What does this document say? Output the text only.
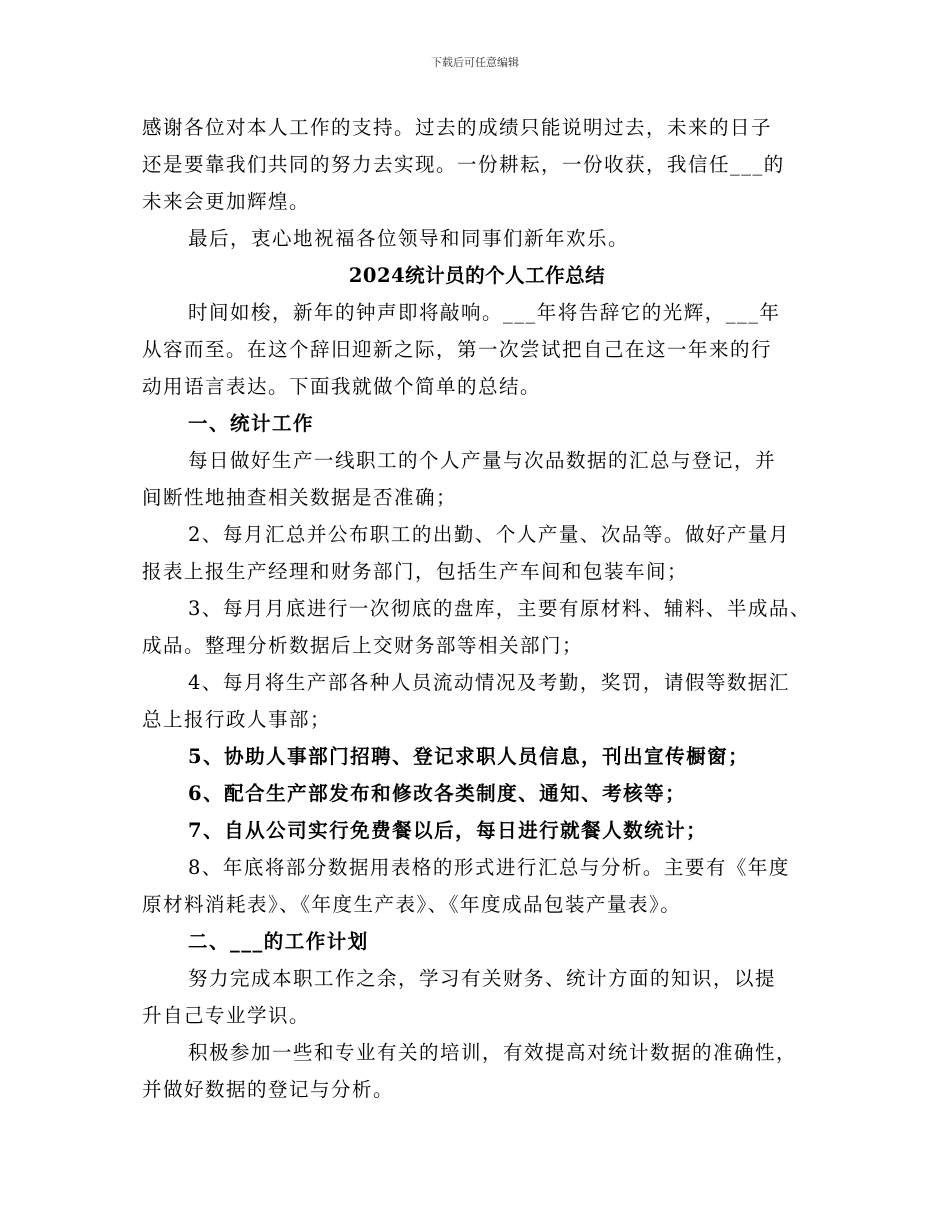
下载后可任意编辑
感谢各位对本人工作的支持。过去的成绩只能说明过去，未来的日子
还是要靠我们共同的努力去实现。一份耕耘，一份收获，我信任___的
未来会更加辉煌。
最后，衷心地祝福各位领导和同事们新年欢乐。
2024统计员的个人工作总结
时间如梭，新年的钟声即将敲响。___年将告辞它的光辉，___年
从容而至。在这个辞旧迎新之际，第一次尝试把自己在这一年来的行
动用语言表达。下面我就做个简单的总结。
一、统计工作
每日做好生产一线职工的个人产量与次品数据的汇总与登记，并
间断性地抽查相关数据是否准确；
2、每月汇总并公布职工的出勤、个人产量、次品等。做好产量月
报表上报生产经理和财务部门，包括生产车间和包装车间；
3、每月月底进行一次彻底的盘库，主要有原材料、辅料、半成品、
成品。整理分析数据后上交财务部等相关部门；
4、每月将生产部各种人员流动情况及考勤，奖罚，请假等数据汇
总上报行政人事部；
5、协助人事部门招聘、登记求职人员信息，刊出宣传橱窗；
6、配合生产部发布和修改各类制度、通知、考核等；
7、自从公司实行免费餐以后，每日进行就餐人数统计；
8、年底将部分数据用表格的形式进行汇总与分析。主要有《年度
原材料消耗表》、《年度生产表》、《年度成品包装产量表》。
二、___的工作计划
努力完成本职工作之余，学习有关财务、统计方面的知识，以提
升自己专业学识。
积极参加一些和专业有关的培训，有效提高对统计数据的准确性，
并做好数据的登记与分析。
